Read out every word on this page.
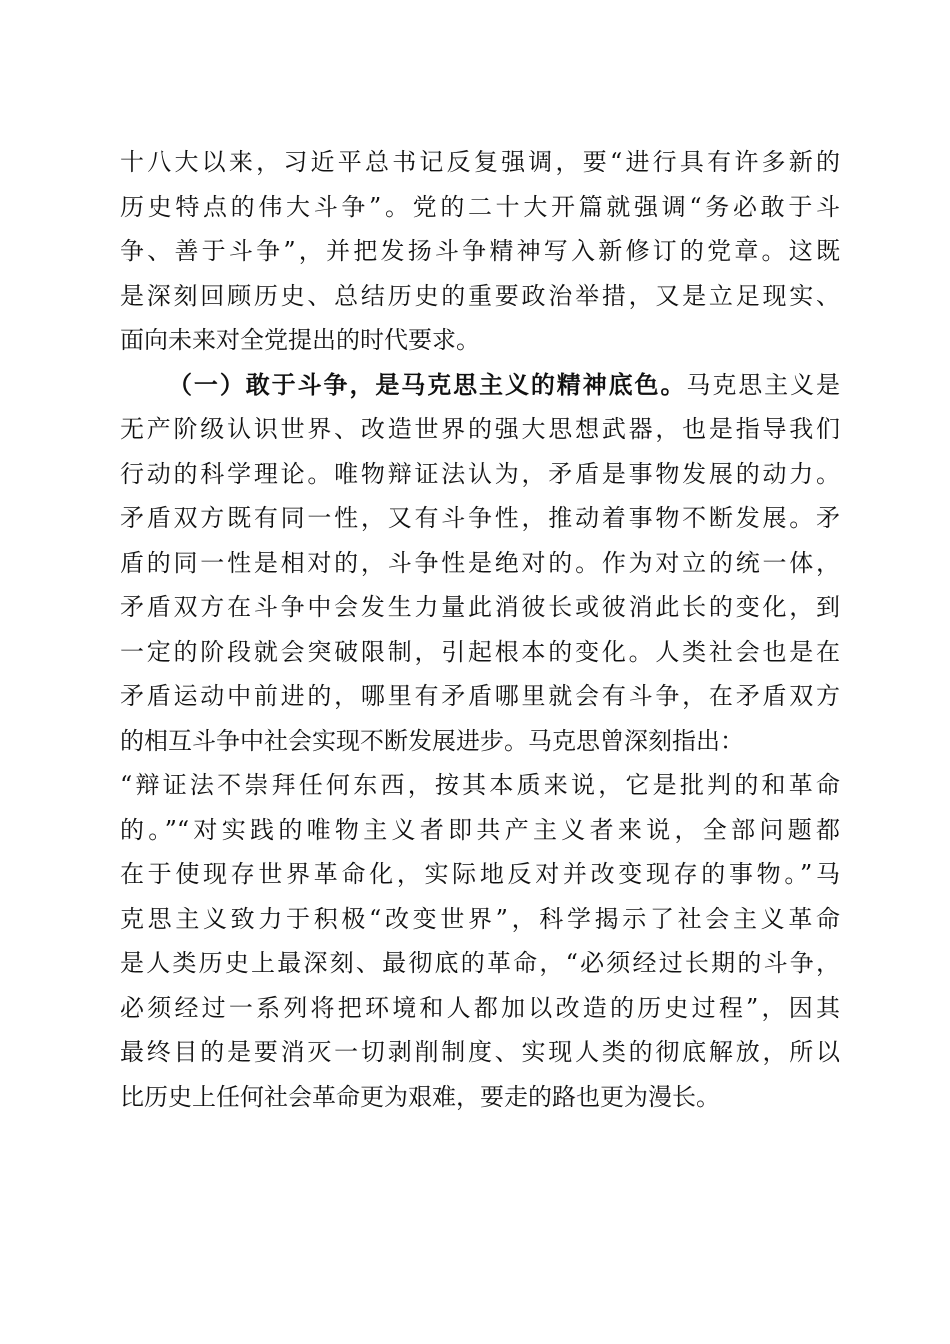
十八大以来，习近平总书记反复强调，要“进行具有许多新的
历史特点的伟大斗争”。党的二十大开篇就强调“务必敢于斗
争、善于斗争”，并把发扬斗争精神写入新修订的党章。这既
是深刻回顾历史、总结历史的重要政治举措，又是立足现实、
面向未来对全党提出的时代要求。
（一）敢于斗争，是马克思主义的精神底色。马克思主义是
无产阶级认识世界、改造世界的强大思想武器，也是指导我们
行动的科学理论。唯物辩证法认为，矛盾是事物发展的动力。
矛盾双方既有同一性，又有斗争性，推动着事物不断发展。矛
盾的同一性是相对的，斗争性是绝对的。作为对立的统一体，
矛盾双方在斗争中会发生力量此消彼长或彼消此长的变化，到
一定的阶段就会突破限制，引起根本的变化。人类社会也是在
矛盾运动中前进的，哪里有矛盾哪里就会有斗争，在矛盾双方
的相互斗争中社会实现不断发展进步。马克思曾深刻指出：
“辩证法不崇拜任何东西，按其本质来说，它是批判的和革命
的。”“对实践的唯物主义者即共产主义者来说，全部问题都
在于使现存世界革命化，实际地反对并改变现存的事物。”马
克思主义致力于积极“改变世界”，科学揭示了社会主义革命
是人类历史上最深刻、最彻底的革命，“必须经过长期的斗争，
必须经过一系列将把环境和人都加以改造的历史过程”，因其
最终目的是要消灭一切剥削制度、实现人类的彻底解放，所以
比历史上任何社会革命更为艰难，要走的路也更为漫长。
